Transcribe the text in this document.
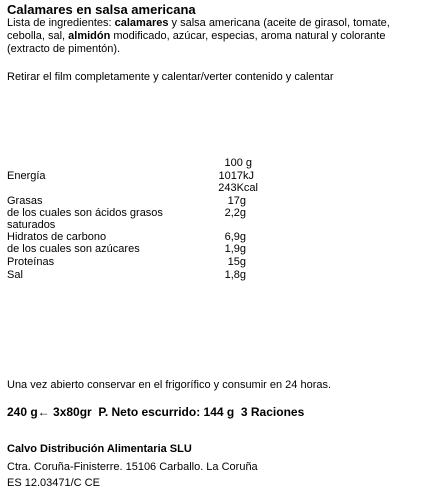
Calamares en salsa americana
Lista de ingredientes: calamares y salsa americana (aceite de girasol, tomate, cebolla, sal, almidón modificado, azúcar, especias, aroma natural y colorante (extracto de pimentón).
Retirar el film completamente y calentar/verter contenido y calentar
100 g
Energía	1017kJ
243Kcal
Grasas	17g
de los cuales son ácidos grasos	2,2g
saturados
Hidratos de carbono	6,9g
de los cuales son azúcares	1,9g
Proteínas	15g
Sal	1,8g
Una vez abierto conservar en el frigorífico y consumir en 24 horas.
240 g← 3x80gr  P. Neto escurrido: 144 g  3 Raciones
Calvo Distribución Alimentaria SLU
Ctra. Coruña-Finisterre. 15106 Carballo. La Coruña
ES 12.03471/C CE
